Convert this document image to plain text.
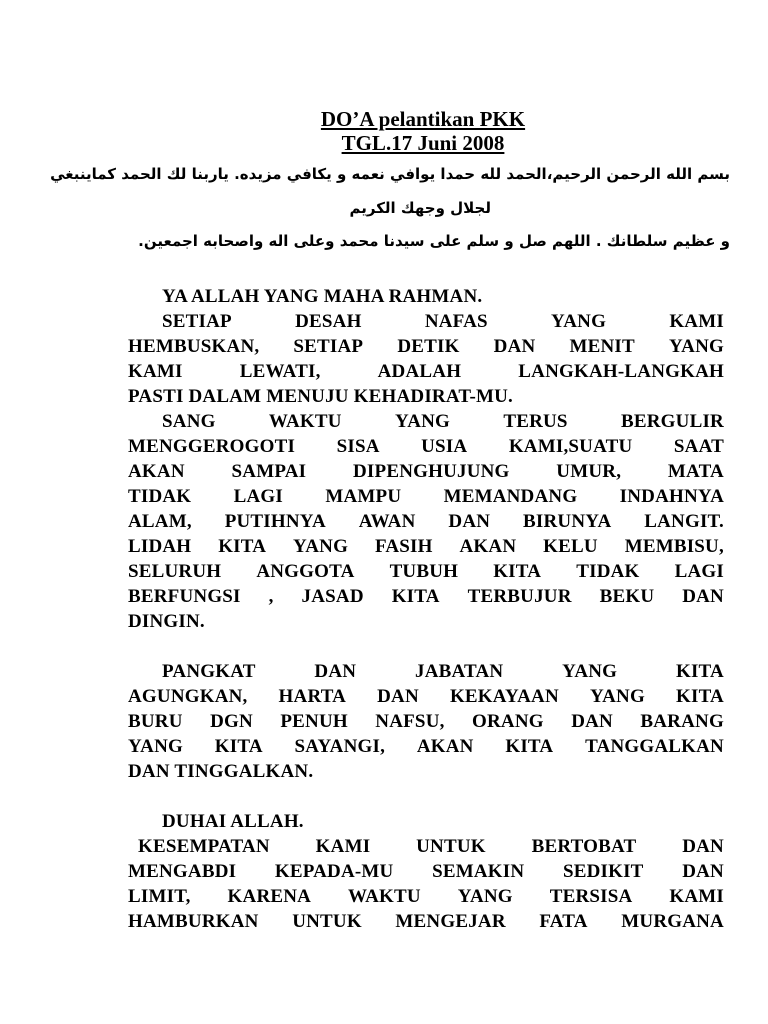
DO’A pelantikan PKK
TGL.17 Juni 2008
بسم الله الرحمن الرحيم،الحمد لله حمدا يوافي نعمه و يكافي مزيده. ياربنا لك الحمد كماينبغي
لجلال وجهك الكريم
و عظيم سلطانك . اللهم صل و سلم على سيدنا محمد وعلى اله واصحابه اجمعين.
YA ALLAH YANG MAHA RAHMAN.
SETIAP	DESAH	NAFAS	YANG	KAMI
HEMBUSKAN, SETIAP DETIK DAN MENIT YANG
KAMI	LEWATI,	ADALAH	LANGKAH-LANGKAH
PASTI DALAM MENUJU KEHADIRAT-MU.
SANG	WAKTU	YANG	TERUS	BERGULIR
MENGGEROGOTI SISA USIA KAMI,SUATU SAAT
AKAN SAMPAI DIPENGHUJUNG UMUR, MATA
TIDAK LAGI MAMPU MEMANDANG INDAHNYA
ALAM, PUTIHNYA AWAN DAN BIRUNYA LANGIT.
LIDAH KITA YANG FASIH AKAN KELU MEMBISU,
SELURUH ANGGOTA TUBUH KITA TIDAK LAGI
BERFUNGSI , JASAD KITA TERBUJUR BEKU DAN
DINGIN.
PANGKAT	DAN	JABATAN	YANG	KITA
AGUNGKAN, HARTA DAN KEKAYAAN YANG KITA
BURU DGN PENUH NAFSU, ORANG DAN BARANG
YANG KITA SAYANGI, AKAN KITA TANGGALKAN
DAN TINGGALKAN.
DUHAI ALLAH.
KESEMPATAN KAMI UNTUK BERTOBAT DAN
MENGABDI KEPADA-MU SEMAKIN SEDIKIT DAN
LIMIT, KARENA WAKTU YANG TERSISA KAMI
HAMBURKAN UNTUK MENGEJAR FATA MURGANA
